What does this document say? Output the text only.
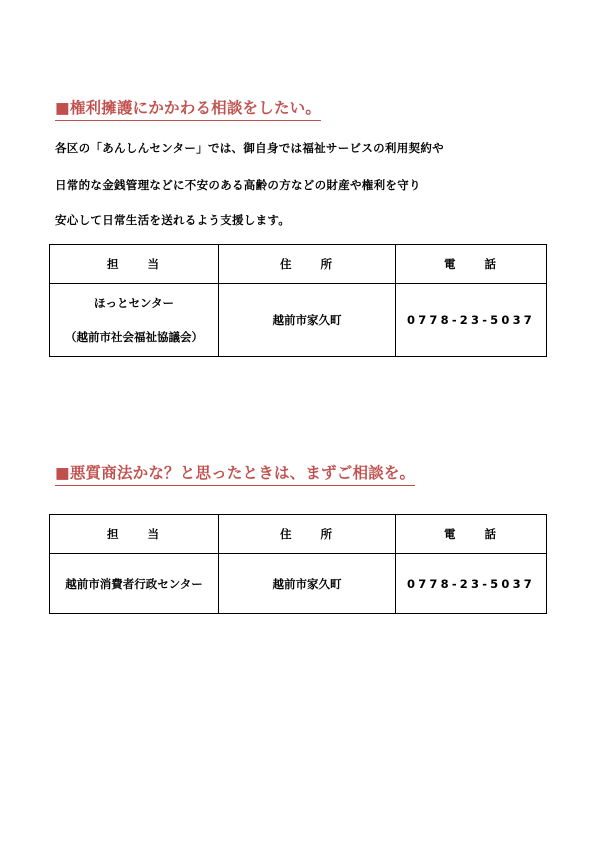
■権利擁護にかかわる相談をしたい。
各区の「あんしんセンター」では、御自身では福祉サービスの利用契約や
日常的な金銭管理などに不安のある高齢の方などの財産や権利を守り
安心して日常生活を送れるよう支援します。
担　　当	住　　所	電　　話

ほっとセンター
（越前市社会福祉協議会）	越前市家久町	0778-23-5037
■悪質商法かな？と思ったときは、まずご相談を。
担　　当	住　　所	電　　話
越前市消費者行政センター	越前市家久町	0778-23-5037
